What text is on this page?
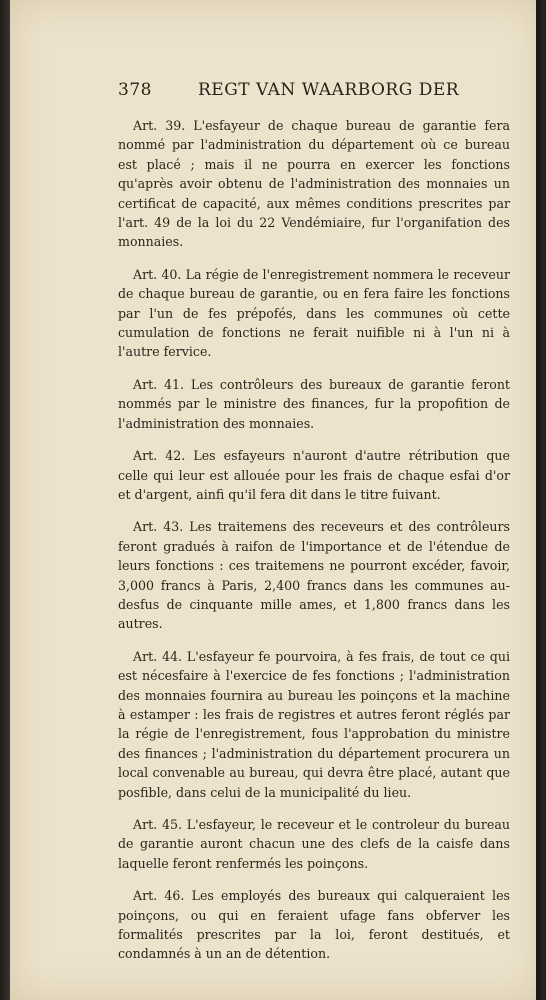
378	REGT VAN WAARBORG DER

Art. 39. L'esfayeur de chaque bureau de garantie fera nommé par l'administration du département où ce bureau est placé ; mais il ne pourra en exercer les fonctions qu'après avoir obtenu de l'administration des monnaies un certificat de capacité, aux mêmes conditions prescrites par l'art. 49 de la loi du 22 Vendémiaire, fur l'organifation des monnaies.

Art. 40. La régie de l'enregistrement nommera le receveur de chaque bureau de garantie, ou en fera faire les fonctions par l'un de fes prépofés, dans les communes où cette cumulation de fonctions ne ferait nuifible ni à l'un ni à l'autre fervice.

Art. 41. Les contrôleurs des bureaux de garantie feront nommés par le ministre des finances, fur la propofition de l'administration des monnaies.

Art. 42. Les esfayeurs n'auront d'autre rétribution que celle qui leur est allouée pour les frais de chaque esfai d'or et d'argent, ainfi qu'il fera dit dans le titre fuivant.

Art. 43. Les traitemens des receveurs et des contrôleurs feront gradués à raifon de l'importance et de l'étendue de leurs fonctions : ces traitemens ne pourront excéder, favoir, 3,000 francs à Paris, 2,400 francs dans les communes au-desfus de cinquante mille ames, et 1,800 francs dans les autres.

Art. 44. L'esfayeur fe pourvoira, à fes frais, de tout ce qui est nécesfaire à l'exercice de fes fonctions ; l'administration des monnaies fournira au bureau les poinçons et la machine à estamper : les frais de registres et autres feront réglés par la régie de l'enregistrement, fous l'approbation du ministre des finances ; l'administration du département procurera un local convenable au bureau, qui devra être placé, autant que posfible, dans celui de la municipalité du lieu.

Art. 45. L'esfayeur, le receveur et le controleur du bureau de garantie auront chacun une des clefs de la caisfe dans laquelle feront renfermés les poinçons.

Art. 46. Les employés des bureaux qui calqueraient les poinçons, ou qui en feraient ufage fans obferver les formalités prescrites par la loi, feront destitués, et condamnés à un an de détention.
